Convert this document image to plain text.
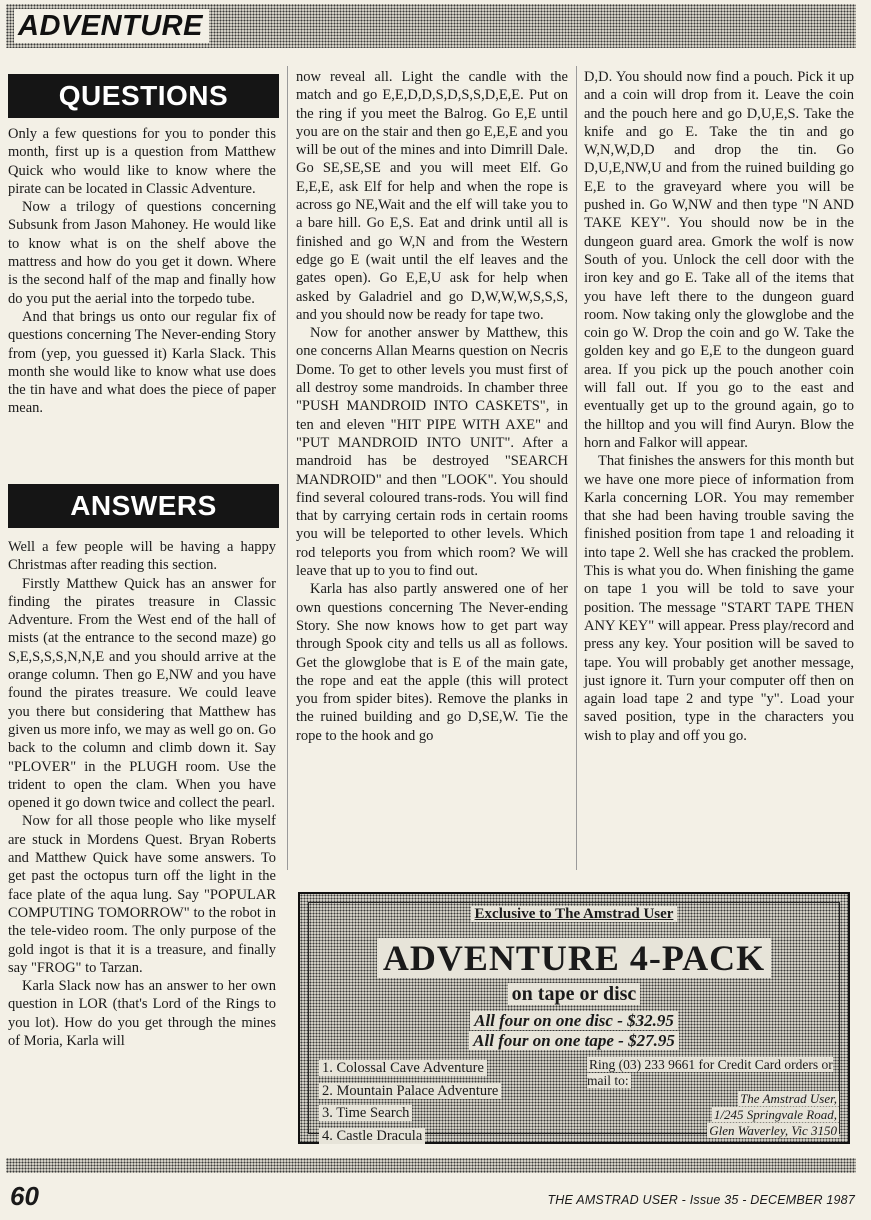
ADVENTURE
QUESTIONS

Only a few questions for you to ponder this month, first up is a question from Matthew Quick who would like to know where the pirate can be located in Classic Adventure.

Now a trilogy of questions concerning Subsunk from Jason Mahoney. He would like to know what is on the shelf above the mattress and how do you get it down. Where is the second half of the map and finally how do you put the aerial into the torpedo tube.

And that brings us onto our regular fix of questions concerning The Never-ending Story from (yep, you guessed it) Karla Slack. This month she would like to know what use does the tin have and what does the piece of paper mean.

ANSWERS

Well a few people will be having a happy Christmas after reading this section.

Firstly Matthew Quick has an answer for finding the pirates treasure in Classic Adventure. From the West end of the hall of mists (at the entrance to the second maze) go S,E,S,S,S,N,N,E and you should arrive at the orange column. Then go E,NW and you have found the pirates treasure. We could leave you there but considering that Matthew has given us more info, we may as well go on. Go back to the column and climb down it. Say "PLOVER" in the PLUGH room. Use the trident to open the clam. When you have opened it go down twice and collect the pearl.

Now for all those people who like myself are stuck in Mordens Quest. Bryan Roberts and Matthew Quick have some answers. To get past the octopus turn off the light in the face plate of the aqua lung. Say "POPULAR COMPUTING TOMORROW" to the robot in the tele-video room. The only purpose of the gold ingot is that it is a treasure, and finally say "FROG" to Tarzan.

Karla Slack now has an answer to her own question in LOR (that's Lord of the Rings to you lot). How do you get through the mines of Moria, Karla will

now reveal all. Light the candle with the match and go E,E,D,D,S,D,S,S,D,E,E. Put on the ring if you meet the Balrog. Go E,E until you are on the stair and then go E,E,E and you will be out of the mines and into Dimrill Dale. Go SE,SE,SE and you will meet Elf. Go E,E,E, ask Elf for help and when the rope is across go NE,Wait and the elf will take you to a bare hill. Go E,S. Eat and drink until all is finished and go W,N and from the Western edge go E (wait until the elf leaves and the gates open). Go E,E,U ask for help when asked by Galadriel and go D,W,W,W,S,S,S, and you should now be ready for tape two.

Now for another answer by Matthew, this one concerns Allan Mearns question on Necris Dome. To get to other levels you must first of all destroy some mandroids. In chamber three "PUSH MANDROID INTO CASKETS", in ten and eleven "HIT PIPE WITH AXE" and "PUT MANDROID INTO UNIT". After a mandroid has be destroyed "SEARCH MANDROID" and then "LOOK". You should find several coloured trans-rods. You will find that by carrying certain rods in certain rooms you will be teleported to other levels. Which rod teleports you from which room? We will leave that up to you to find out.

Karla has also partly answered one of her own questions concerning The Never-ending Story. She now knows how to get part way through Spook city and tells us all as follows. Get the glowglobe that is E of the main gate, the rope and eat the apple (this will protect you from spider bites). Remove the planks in the ruined building and go D,SE,W. Tie the rope to the hook and go

D,D. You should now find a pouch. Pick it up and a coin will drop from it. Leave the coin and the pouch here and go D,U,E,S. Take the knife and go E. Take the tin and go W,N,W,D,D and drop the tin. Go D,U,E,NW,U and from the ruined building go E,E to the graveyard where you will be pushed in. Go W,NW and then type "N AND TAKE KEY". You should now be in the dungeon guard area. Gmork the wolf is now South of you. Unlock the cell door with the iron key and go E. Take all of the items that you have left there to the dungeon guard room. Now taking only the glowglobe and the coin go W. Drop the coin and go W. Take the golden key and go E,E to the dungeon guard area. If you pick up the pouch another coin will fall out. If you go to the east and eventually get up to the ground again, go to the hilltop and you will find Auryn. Blow the horn and Falkor will appear.

That finishes the answers for this month but we have one more piece of information from Karla concerning LOR. You may remember that she had been having trouble saving the finished position from tape 1 and reloading it into tape 2. Well she has cracked the problem. This is what you do. When finishing the game on tape 1 you will be told to save your position. The message "START TAPE THEN ANY KEY" will appear. Press play/record and press any key. Your position will be saved to tape. You will probably get another message, just ignore it. Turn your computer off then on again load tape 2 and type "y". Load your saved position, type in the characters you wish to play and off you go.

Exclusive to The Amstrad User
ADVENTURE 4-PACK
on tape or disc
All four on one disc - $32.95
All four on one tape - $27.95
1. Colossal Cave Adventure
2. Mountain Palace Adventure
3. Time Search
4. Castle Dracula
Ring (03) 233 9661 for Credit Card orders or mail to:
The Amstrad User,
1/245 Springvale Road,
Glen Waverley, Vic 3150

60	THE AMSTRAD USER - Issue 35 - DECEMBER 1987
